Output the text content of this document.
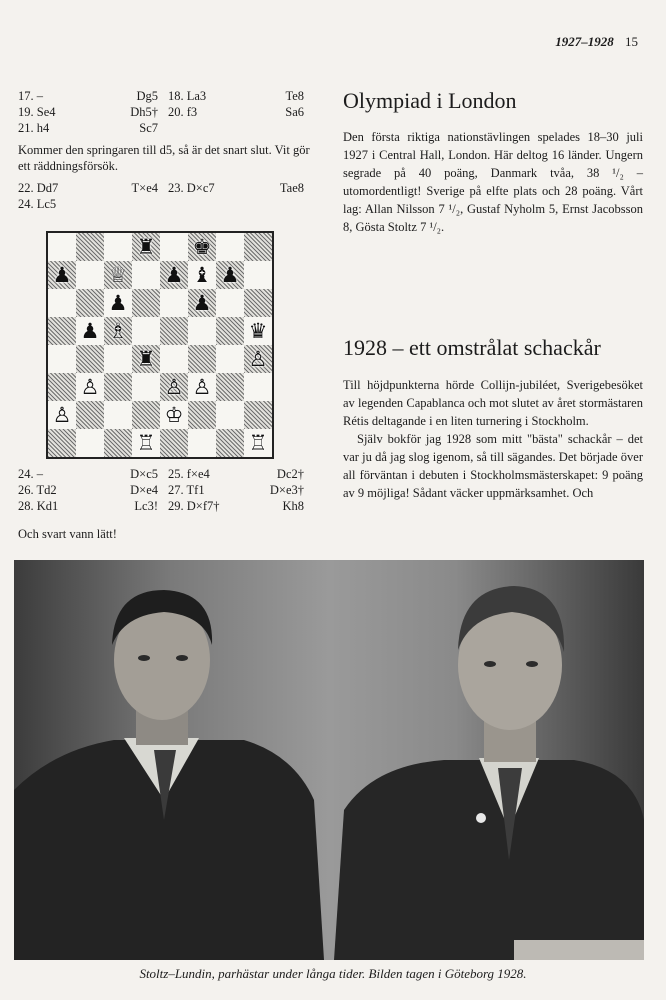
1927–1928 15
17. –	Dg5 18. La3	Te8
19. Se4	Dh5† 20. f3	Sa6
21. h4	Sc7
Kommer den springaren till d5, så är det snart slut. Vit gör ett räddningsförsök.
22. Dd7	T×e4 23. D×c7	Tae8
24. Lc5
♜ ♚
♟ ♕ ♟ ♝ ♟
♟	♟
♟ ♗	♛
♜	♙
♙	♙ ♙
♙	♔
♖	♖
24. –	D×c5 25. f×e4	Dc2†
26. Td2	D×e4 27. Tf1	D×e3†
28. Kd1	Lc3! 29. D×f7†	Kh8
Och svart vann lätt!
Olympiad i London

Den första riktiga nationstävlingen spelades 18–30 juli 1927 i Central Hall, London. Här deltog 16 länder. Ungern segrade på 40 poäng, Danmark tvåa, 38 ¹/₂ – utomordentligt! Sverige på elfte plats och 28 poäng. Vårt lag: Allan Nilsson 7 ¹/₂, Gustaf Nyholm 5, Ernst Jacobsson 8, Gösta Stoltz 7 ¹/₂.

1928 – ett omstrålat schackår

Till höjdpunkterna hörde Collijn-jubiléet, Sverigebesöket av legenden Capablanca och mot slutet av året stormästaren Rétis deltagande i en liten turnering i Stockholm.

Själv bokför jag 1928 som mitt "bästa" schackår – det var ju då jag slog igenom, så till sägandes. Det började över all förväntan i debuten i Stockholmsmästerskapet: 9 poäng av 9 möjliga! Sådant väcker uppmärksamhet. Och

Stoltz–Lundin, parhästar under långa tider. Bilden tagen i Göteborg 1928.
